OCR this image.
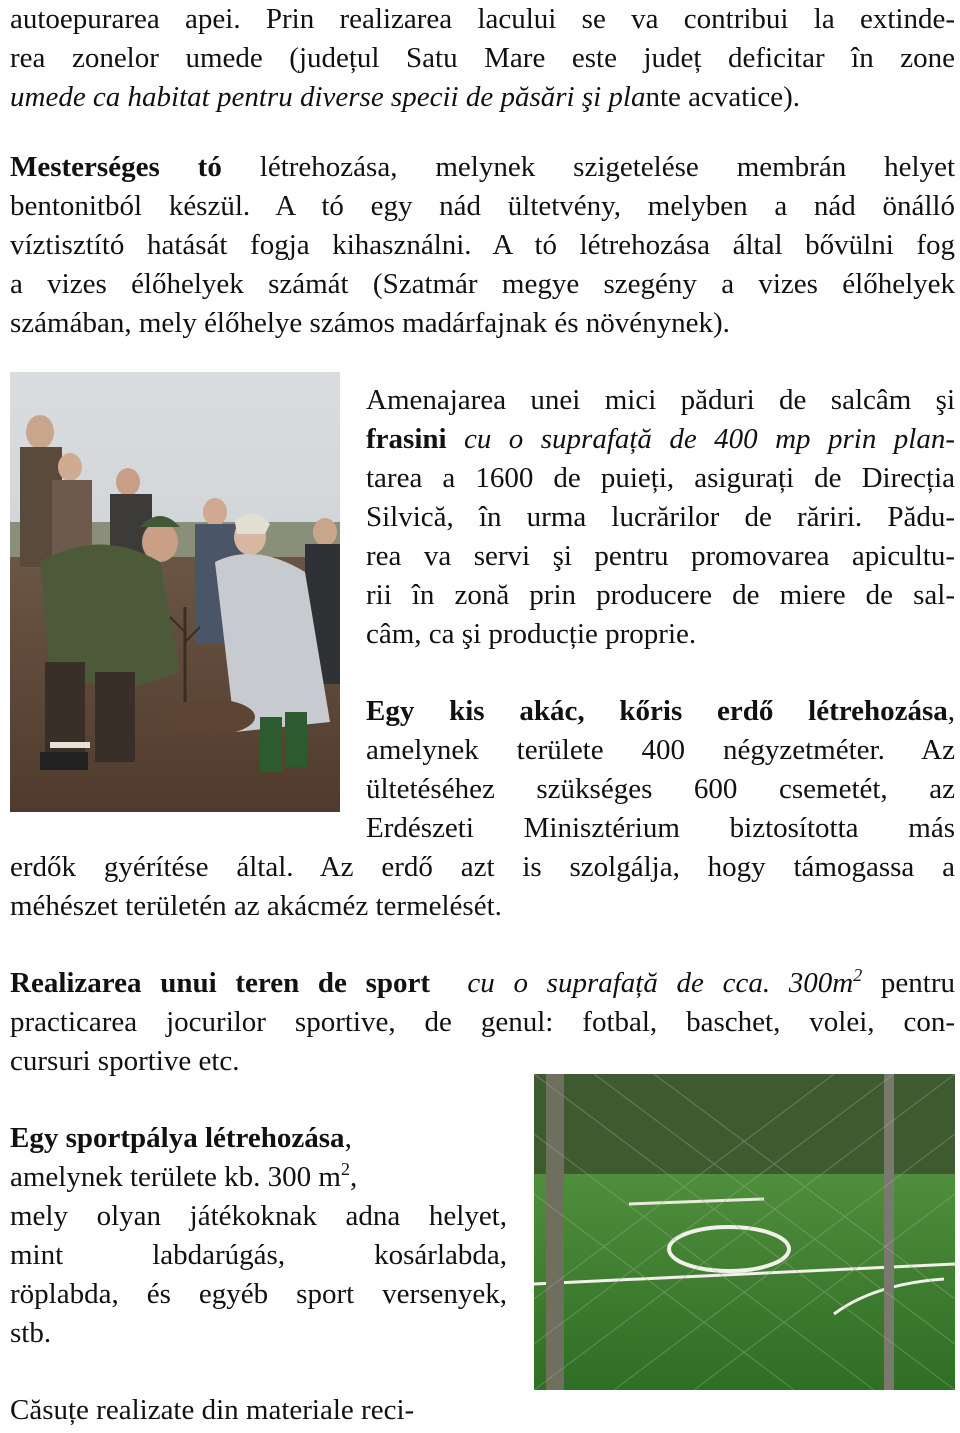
autoepurarea apei. Prin realizarea lacului se va contribui la extinde-

rea zonelor umede (județul Satu Mare este județ deficitar în zone

umede ca habitat pentru diverse specii de păsări şi plante acvatice).

Mesterséges tó létrehozása, melynek szigetelése membrán helyet

bentonitból készül. A tó egy nád ültetvény, melyben a nád önálló

víztisztító hatását fogja kihasználni. A tó létrehozása által bővülni fog

a vizes élőhelyek számát (Szatmár megye szegény a vizes élőhelyek

számában, mely élőhelye számos madárfajnak és növénynek).

Amenajarea unei mici păduri de salcâm şi

frasini cu o suprafață de 400 mp prin plan-

tarea a 1600 de puieți, asigurați de Direcția

Silvică, în urma lucrărilor de răriri. Pădu-

rea va servi şi pentru promovarea apicultu-

rii în zonă prin producere de miere de sal-

câm, ca şi producție proprie.

Egy kis akác, kőris erdő létrehozása,

amelynek területe 400 négyzetméter. Az

ültetéséhez szükséges 600 csemetét, az

Erdészeti Minisztérium biztosította más

erdők gyérítése által. Az erdő azt is szolgálja, hogy támogassa a

méhészet területén az akácméz termelését.

Realizarea unui teren de sport cu o suprafață de cca. $300m^2$ pentru

practicarea jocurilor sportive, de genul: fotbal, baschet, volei, con-

cursuri sportive etc.

Egy sportpálya létrehozása,

amelynek területe kb. 300 $m^2$,

mely olyan játékoknak adna helyet,

mint labdarúgás, kosárlabda,

röplabda, és egyéb sport versenyek,

stb.

Căsuțe realizate din materiale reci-
